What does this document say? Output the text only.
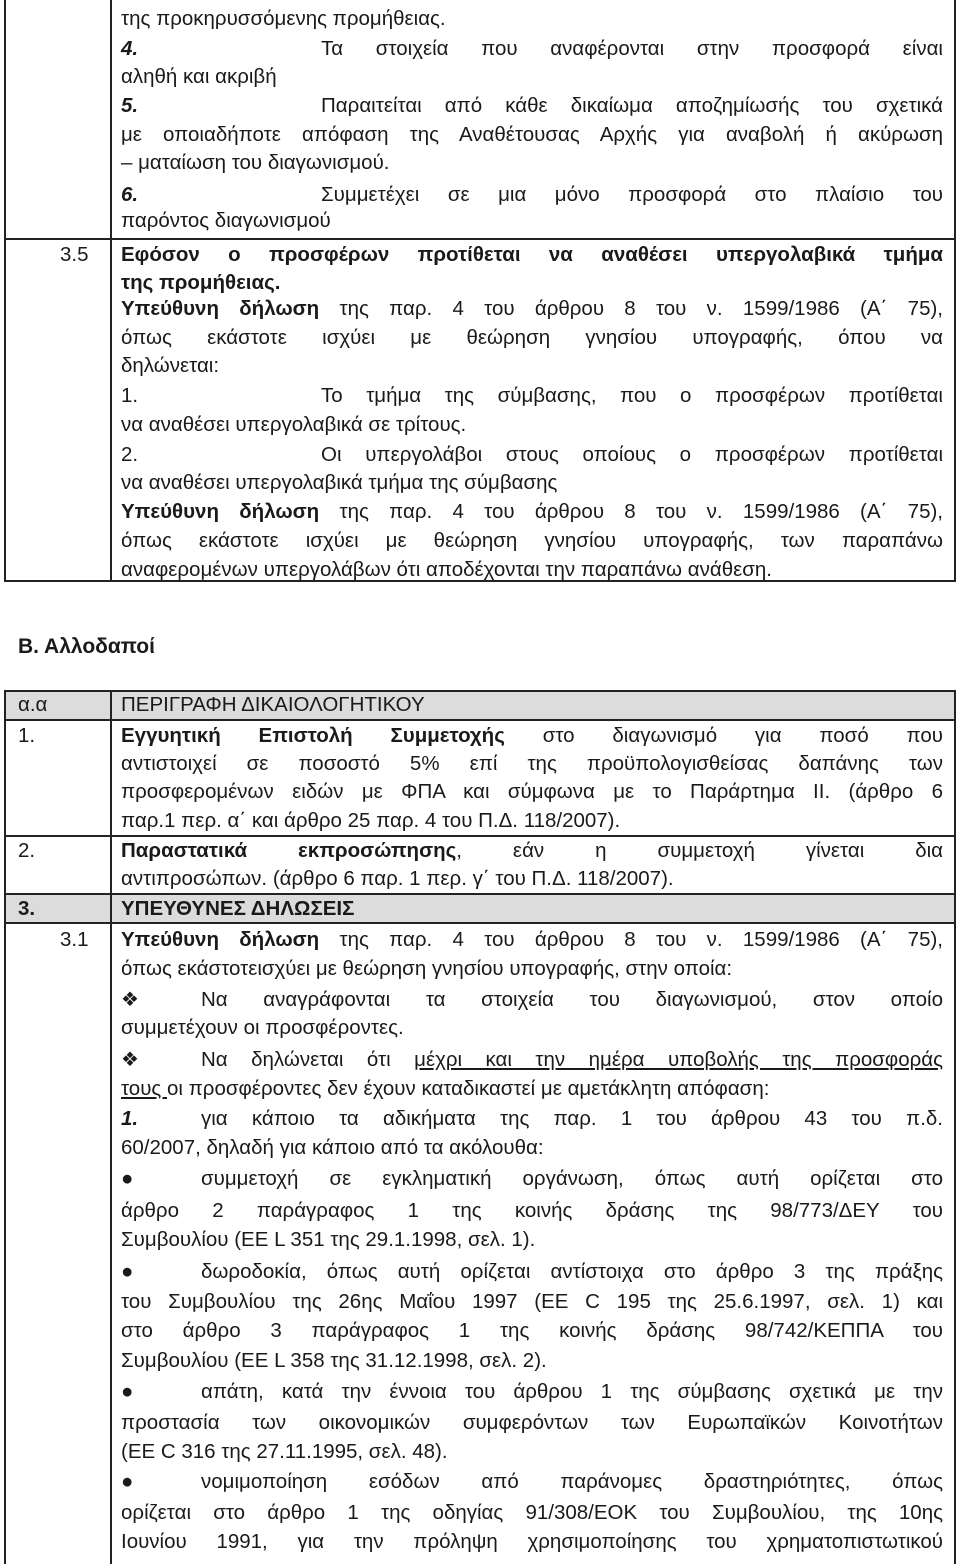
της προκηρυσσόμενης προμήθειας.
4.	Τα στοιχεία που αναφέρονται στην προσφορά είναι
αληθή και ακριβή
5.	Παραιτείται από κάθε δικαίωμα αποζημίωσής του σχετικά
με οποιαδήποτε απόφαση της Αναθέτουσας Αρχής για αναβολή ή ακύρωση
– ματαίωση του διαγωνισμού.
6.	Συμμετέχει σε μια μόνο προσφορά στο πλαίσιο του
παρόντος διαγωνισμού
3.5	Εφόσον ο προσφέρων προτίθεται να αναθέσει υπεργολαβικά τμήμα
της προμήθειας.
Υπεύθυνη δήλωση της παρ. 4 του άρθρου 8 του ν. 1599/1986 (Α΄ 75),
όπως εκάστοτε ισχύει με θεώρηση γνησίου υπογραφής, όπου να
δηλώνεται:
1.	Το τμήμα της σύμβασης, που ο προσφέρων προτίθεται
να αναθέσει υπεργολαβικά σε τρίτους.
2.	Οι υπεργολάβοι στους οποίους ο προσφέρων προτίθεται
να αναθέσει υπεργολαβικά τμήμα της σύμβασης
Υπεύθυνη δήλωση της παρ. 4 του άρθρου 8 του ν. 1599/1986 (Α΄ 75),
όπως εκάστοτε ισχύει με θεώρηση γνησίου υπογραφής, των παραπάνω
αναφερομένων υπεργολάβων ότι αποδέχονται την παραπάνω ανάθεση.
Β. Αλλοδαποί
α.α	ΠΕΡΙΓΡΑΦΗ ΔΙΚΑΙΟΛΟΓΗΤΙΚΟΥ
1.	Εγγυητική Επιστολή Συμμετοχής στο διαγωνισμό για ποσό που
αντιστοιχεί σε ποσοστό 5% επί της προϋπολογισθείσας δαπάνης των
προσφερομένων ειδών με ΦΠΑ και σύμφωνα με το Παράρτημα ΙΙ. (άρθρο 6
παρ.1 περ. α΄ και άρθρο 25 παρ. 4 του Π.Δ. 118/2007).
2.	Παραστατικά εκπροσώπησης, εάν η συμμετοχή γίνεται δια
αντιπροσώπων. (άρθρο 6 παρ. 1 περ. γ΄ του Π.Δ. 118/2007).
3.	ΥΠΕΥΘΥΝΕΣ ΔΗΛΩΣΕΙΣ
3.1	Υπεύθυνη δήλωση της παρ. 4 του άρθρου 8 του ν. 1599/1986 (Α΄ 75),
όπως εκάστοτεισχύει με θεώρηση γνησίου υπογραφής, στην οποία:
❖	Να αναγράφονται τα στοιχεία του διαγωνισμού, στον οποίο
συμμετέχουν οι προσφέροντες.
❖	Να δηλώνεται ότι μέχρι και την ημέρα υποβολής της προσφοράς
τους οι προσφέροντες δεν έχουν καταδικαστεί με αμετάκλητη απόφαση:
1.	για κάποιο τα αδικήματα της παρ. 1 του άρθρου 43 του π.δ.
60/2007, δηλαδή για κάποιο από τα ακόλουθα:
●	συμμετοχή σε εγκληματική οργάνωση, όπως αυτή ορίζεται στο
άρθρο 2 παράγραφος 1 της κοινής δράσης της 98/773/ΔΕΥ του
Συμβουλίου (ΕΕ L 351 της 29.1.1998, σελ. 1).
●	δωροδοκία, όπως αυτή ορίζεται αντίστοιχα στο άρθρο 3 της πράξης
του Συμβουλίου της 26ης Μαΐου 1997 (ΕΕ C 195 της 25.6.1997, σελ. 1) και
στο άρθρο 3 παράγραφος 1 της κοινής δράσης 98/742/ΚΕΠΠΑ του
Συμβουλίου (ΕΕ L 358 της 31.12.1998, σελ. 2).
●	απάτη, κατά την έννοια του άρθρου 1 της σύμβασης σχετικά με την
προστασία των οικονομικών συμφερόντων των Ευρωπαϊκών Κοινοτήτων
(ΕΕ C 316 της 27.11.1995, σελ. 48).
●	νομιμοποίηση εσόδων από παράνομες δραστηριότητες, όπως
ορίζεται στο άρθρο 1 της οδηγίας 91/308/ΕΟΚ του Συμβουλίου, της 10ης
Ιουνίου 1991, για την πρόληψη χρησιμοποίησης του χρηματοπιστωτικού
